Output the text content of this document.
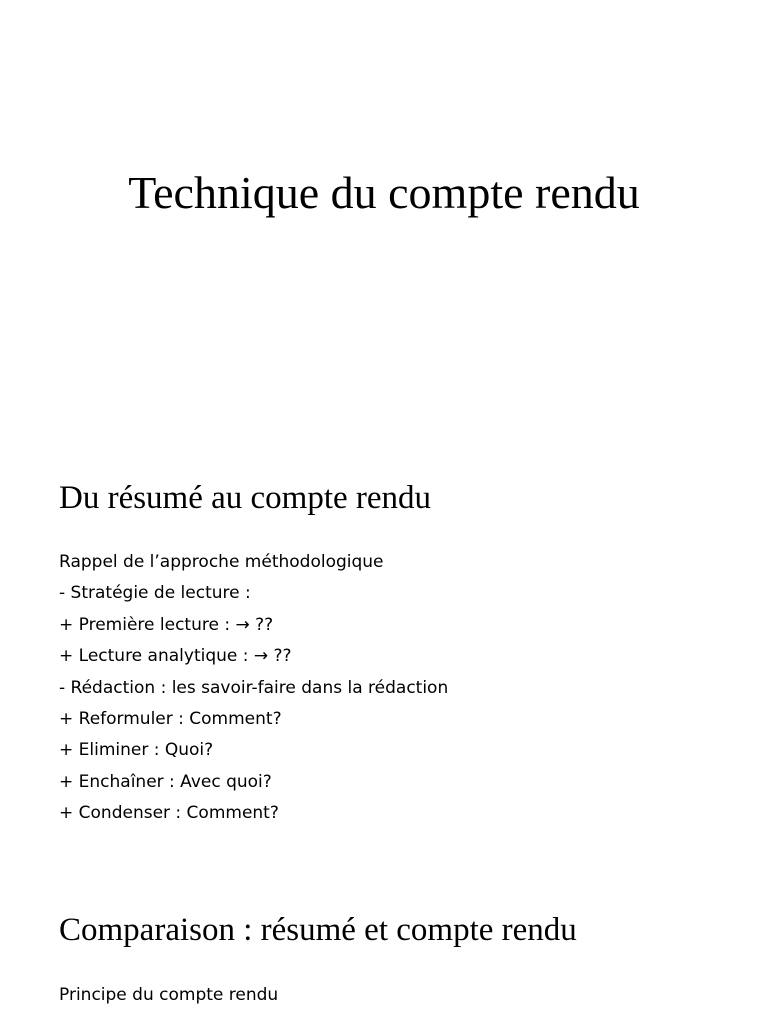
Technique du compte rendu
Du résumé au compte rendu
Rappel de l’approche méthodologique
- Stratégie de lecture :
+ Première lecture : → ??
+ Lecture analytique : → ??
- Rédaction : les savoir-faire dans la rédaction
+ Reformuler : Comment?
+ Eliminer : Quoi?
+ Enchaîner : Avec quoi?
+ Condenser : Comment?
Comparaison : résumé et compte rendu

Principe du compte rendu
